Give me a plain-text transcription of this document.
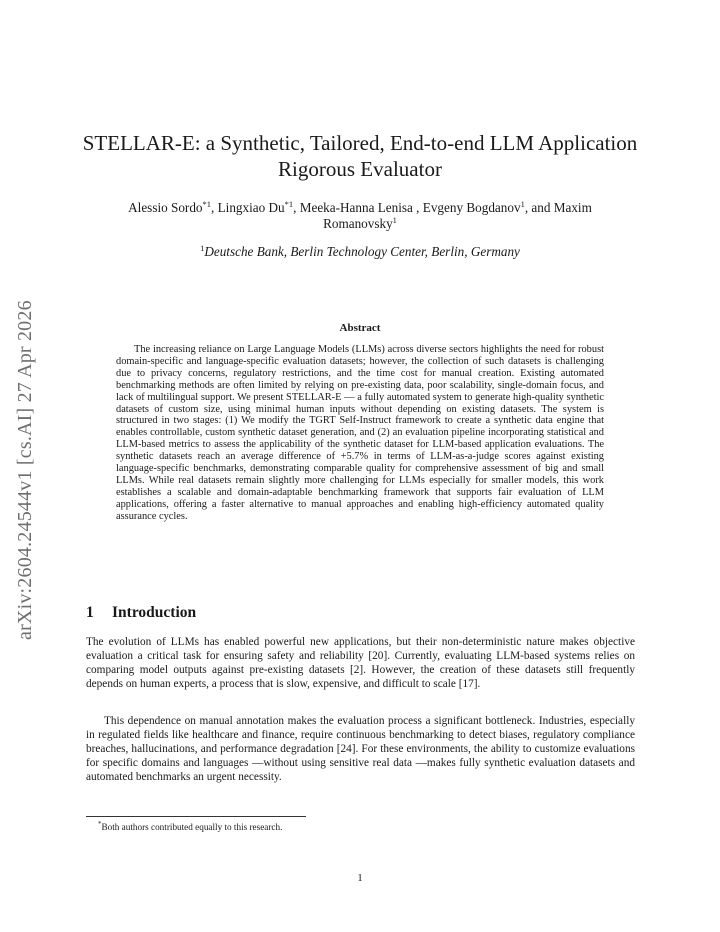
arXiv:2604.24544v1 [cs.AI] 27 Apr 2026
STELLAR-E: a Synthetic, Tailored, End-to-end LLM Application
Rigorous Evaluator
Alessio Sordo$^{*1}$, Lingxiao Du$^{*1}$, Meeka-Hanna Lenisa , Evgeny Bogdanov$^1$, and Maxim
Romanovsky$^1$
$^1$Deutsche Bank, Berlin Technology Center, Berlin, Germany
Abstract

The increasing reliance on Large Language Models (LLMs) across diverse sectors highlights the need for robust domain-specific and language-specific evaluation datasets; however, the collection of such datasets is challenging due to privacy concerns, regulatory restrictions, and the time cost for manual creation. Existing automated benchmarking methods are often limited by relying on pre-existing data, poor scalability, single-domain focus, and lack of multilingual support. We present STELLAR-E — a fully automated system to generate high-quality synthetic datasets of custom size, using minimal human inputs without depending on existing datasets. The system is structured in two stages: (1) We modify the TGRT Self-Instruct framework to create a synthetic data engine that enables controllable, custom synthetic dataset generation, and (2) an evaluation pipeline incorporating statistical and LLM-based metrics to assess the applicability of the synthetic dataset for LLM-based application evaluations. The synthetic datasets reach an average difference of +5.7% in terms of LLM-as-a-judge scores against existing language-specific benchmarks, demonstrating comparable quality for comprehensive assessment of big and small LLMs. While real datasets remain slightly more challenging for LLMs especially for smaller models, this work establishes a scalable and domain-adaptable benchmarking framework that supports fair evaluation of LLM applications, offering a faster alternative to manual approaches and enabling high-efficiency automated quality assurance cycles.

1 Introduction

The evolution of LLMs has enabled powerful new applications, but their non-deterministic nature makes objective evaluation a critical task for ensuring safety and reliability [20]. Currently, evaluating LLM-based systems relies on comparing model outputs against pre-existing datasets [2]. However, the creation of these datasets still frequently depends on human experts, a process that is slow, expensive, and difficult to scale [17].

This dependence on manual annotation makes the evaluation process a significant bottleneck. Industries, especially in regulated fields like healthcare and finance, require continuous benchmarking to detect biases, regulatory compliance breaches, hallucinations, and performance degradation [24]. For these environments, the ability to customize evaluations for specific domains and languages —without using sensitive real data —makes fully synthetic evaluation datasets and automated benchmarks an urgent necessity.

*Both authors contributed equally to this research.
1
